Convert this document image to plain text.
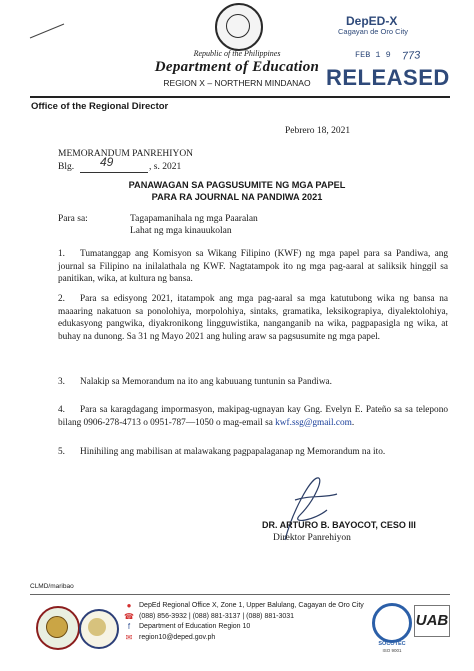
Republic of the Philippines
Department of Education
REGION X – NORTHERN MINDANAO
DepED-X
Cagayan de Oro City
FEB 1 9 773
RELEASED
Office of the Regional Director
Pebrero 18, 2021
MEMORANDUM PANREHIYON
Blg. 49	, s. 2021
PANAWAGAN SA PAGSUSUMITE NG MGA PAPEL
PARA RA JOURNAL NA PANDIWA 2021
Para sa:	Tagapamanihala ng mga Paaralan
Lahat ng mga kinauukolan
1. Tumatanggap ang Komisyon sa Wikang Filipino (KWF) ng mga papel para sa Pandiwa, ang journal sa Filipino na inilalathala ng KWF. Nagtatampok ito ng mga pag-aaral at saliksik hinggil sa panitikan, wika, at kultura ng bansa.
2. Para sa edisyong 2021, itatampok ang mga pag-aaral sa mga katutubong wika ng bansa na maaaring nakatuon sa ponolohiya, morpolohiya, sintaks, gramatika, leksikograpiya, diyalektolohiya, edukasyong pangwika, diyakronikong lingguwistika, nanganganib na wika, pagpapasigla ng wika, at buhay na dunong. Sa 31 ng Mayo 2021 ang huling araw sa pagsusumite ng mga papel.
3. Nalakip sa Memorandum na ito ang kabuuang tuntunin sa Pandiwa.
4. Para sa karagdagang impormasyon, makipag-ugnayan kay Gng. Evelyn E. Pateño sa sa telepono bilang 0906-278-4713 o 0951-787—1050 o mag-email sa kwf.ssg@gmail.com.
5. Hinihiling ang mabilisan at malawakang pagpapalaganap ng Memorandum na ito.
DR. ARTURO B. BAYOCOT, CESO III
Direktor Panrehiyon
CLMD/maribao
●	DepEd Regional Office X, Zone 1, Upper Balulang, Cagayan de Oro City
☎ (088) 856-3932 | (088) 881-3137 | (088) 881-3031
f	Department of Education Region 10
✉ region10@deped.gov.ph
SOCOTEC
ISO 9001
UAB
